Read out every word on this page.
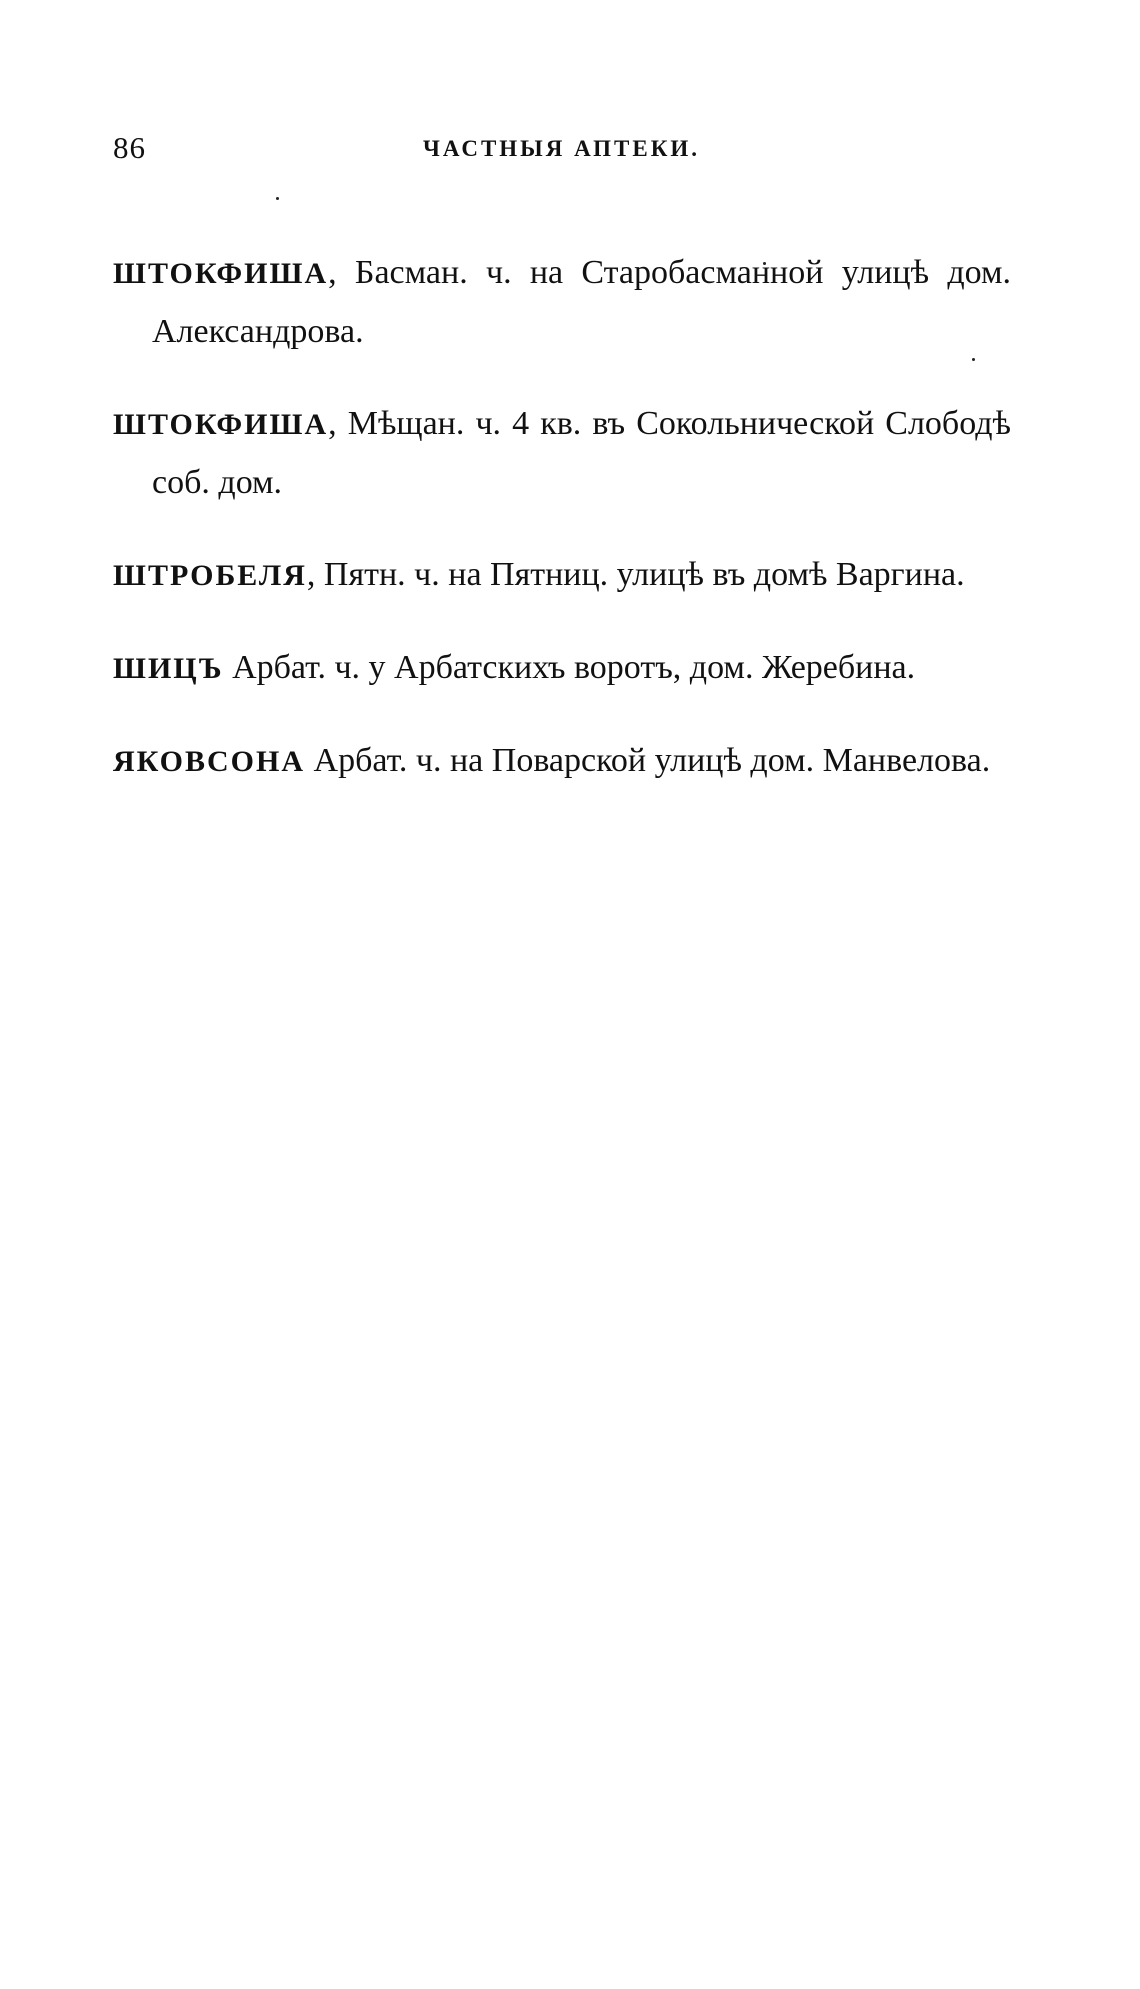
86	ЧАСТНЫЯ АПТЕКИ.

ШТОКФИША, Басман. ч. на Старобасманной улицѣ дом. Александрова.

ШТОКФИША, Мѣщан. ч. 4 кв. въ Сокольнической Слободѣ соб. дом.

ШТРОБЕЛЯ, Пятн. ч. на Пятниц. улицѣ въ домѣ Варгина.

ШИЦЪ Арбат. ч. у Арбатскихъ воротъ, дом. Жеребина.

ЯКОВСОНА Арбат. ч. на Поварской улицѣ дом. Манвелова.
